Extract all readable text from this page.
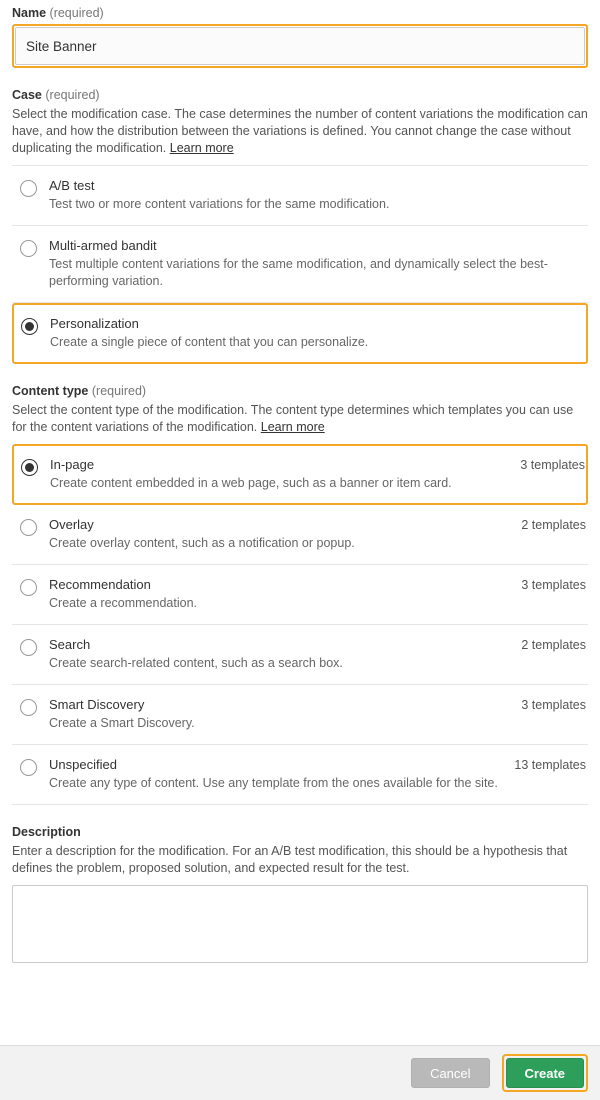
Name (required)
Site Banner
Case (required)

Select the modification case. The case determines the number of content variations the modification can have, and how the distribution between the variations is defined. You cannot change the case without duplicating the modification. Learn more

A/B test
Test two or more content variations for the same modification.
Multi-armed bandit
Test multiple content variations for the same modification, and dynamically select the best-performing variation.
Personalization
Create a single piece of content that you can personalize.
Content type (required)

Select the content type of the modification. The content type determines which templates you can use for the content variations of the modification. Learn more

In-page
Create content embedded in a web page, such as a banner or item card.
3 templates
Overlay
Create overlay content, such as a notification or popup.
2 templates
Recommendation
Create a recommendation.
3 templates
Search
Create search-related content, such as a search box.
2 templates
Smart Discovery
Create a Smart Discovery.
3 templates
Unspecified
Create any type of content. Use any template from the ones available for the site.
13 templates
Description

Enter a description for the modification. For an A/B test modification, this should be a hypothesis that defines the problem, proposed solution, and expected result for the test.

Cancel	Create
